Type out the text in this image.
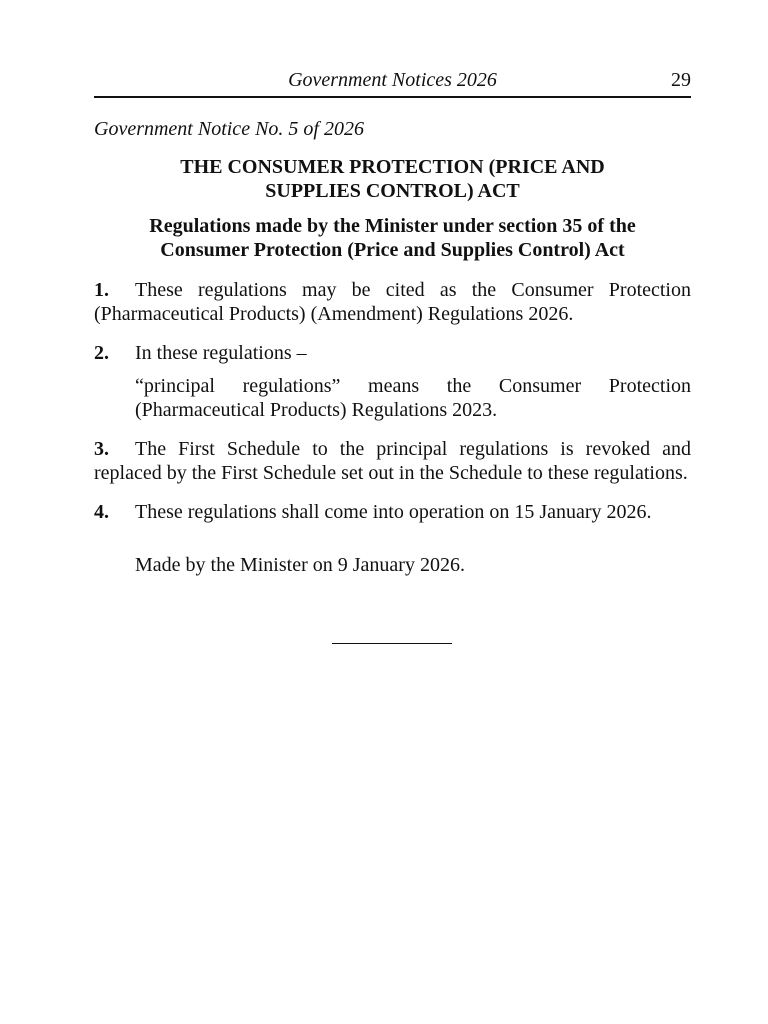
Government Notices 2026	29
Government Notice No. 5 of 2026
THE CONSUMER PROTECTION (PRICE AND
SUPPLIES CONTROL) ACT
Regulations made by the Minister under section 35 of the
Consumer Protection (Price and Supplies Control) Act
1. These regulations may be cited as the Consumer Protection (Pharmaceutical Products) (Amendment) Regulations 2026.
2. In these regulations –
“principal regulations” means the Consumer Protection (Pharmaceutical Products) Regulations 2023.
3. The First Schedule to the principal regulations is revoked and replaced by the First Schedule set out in the Schedule to these regulations.
4. These regulations shall come into operation on 15 January 2026.
Made by the Minister on 9 January 2026.
